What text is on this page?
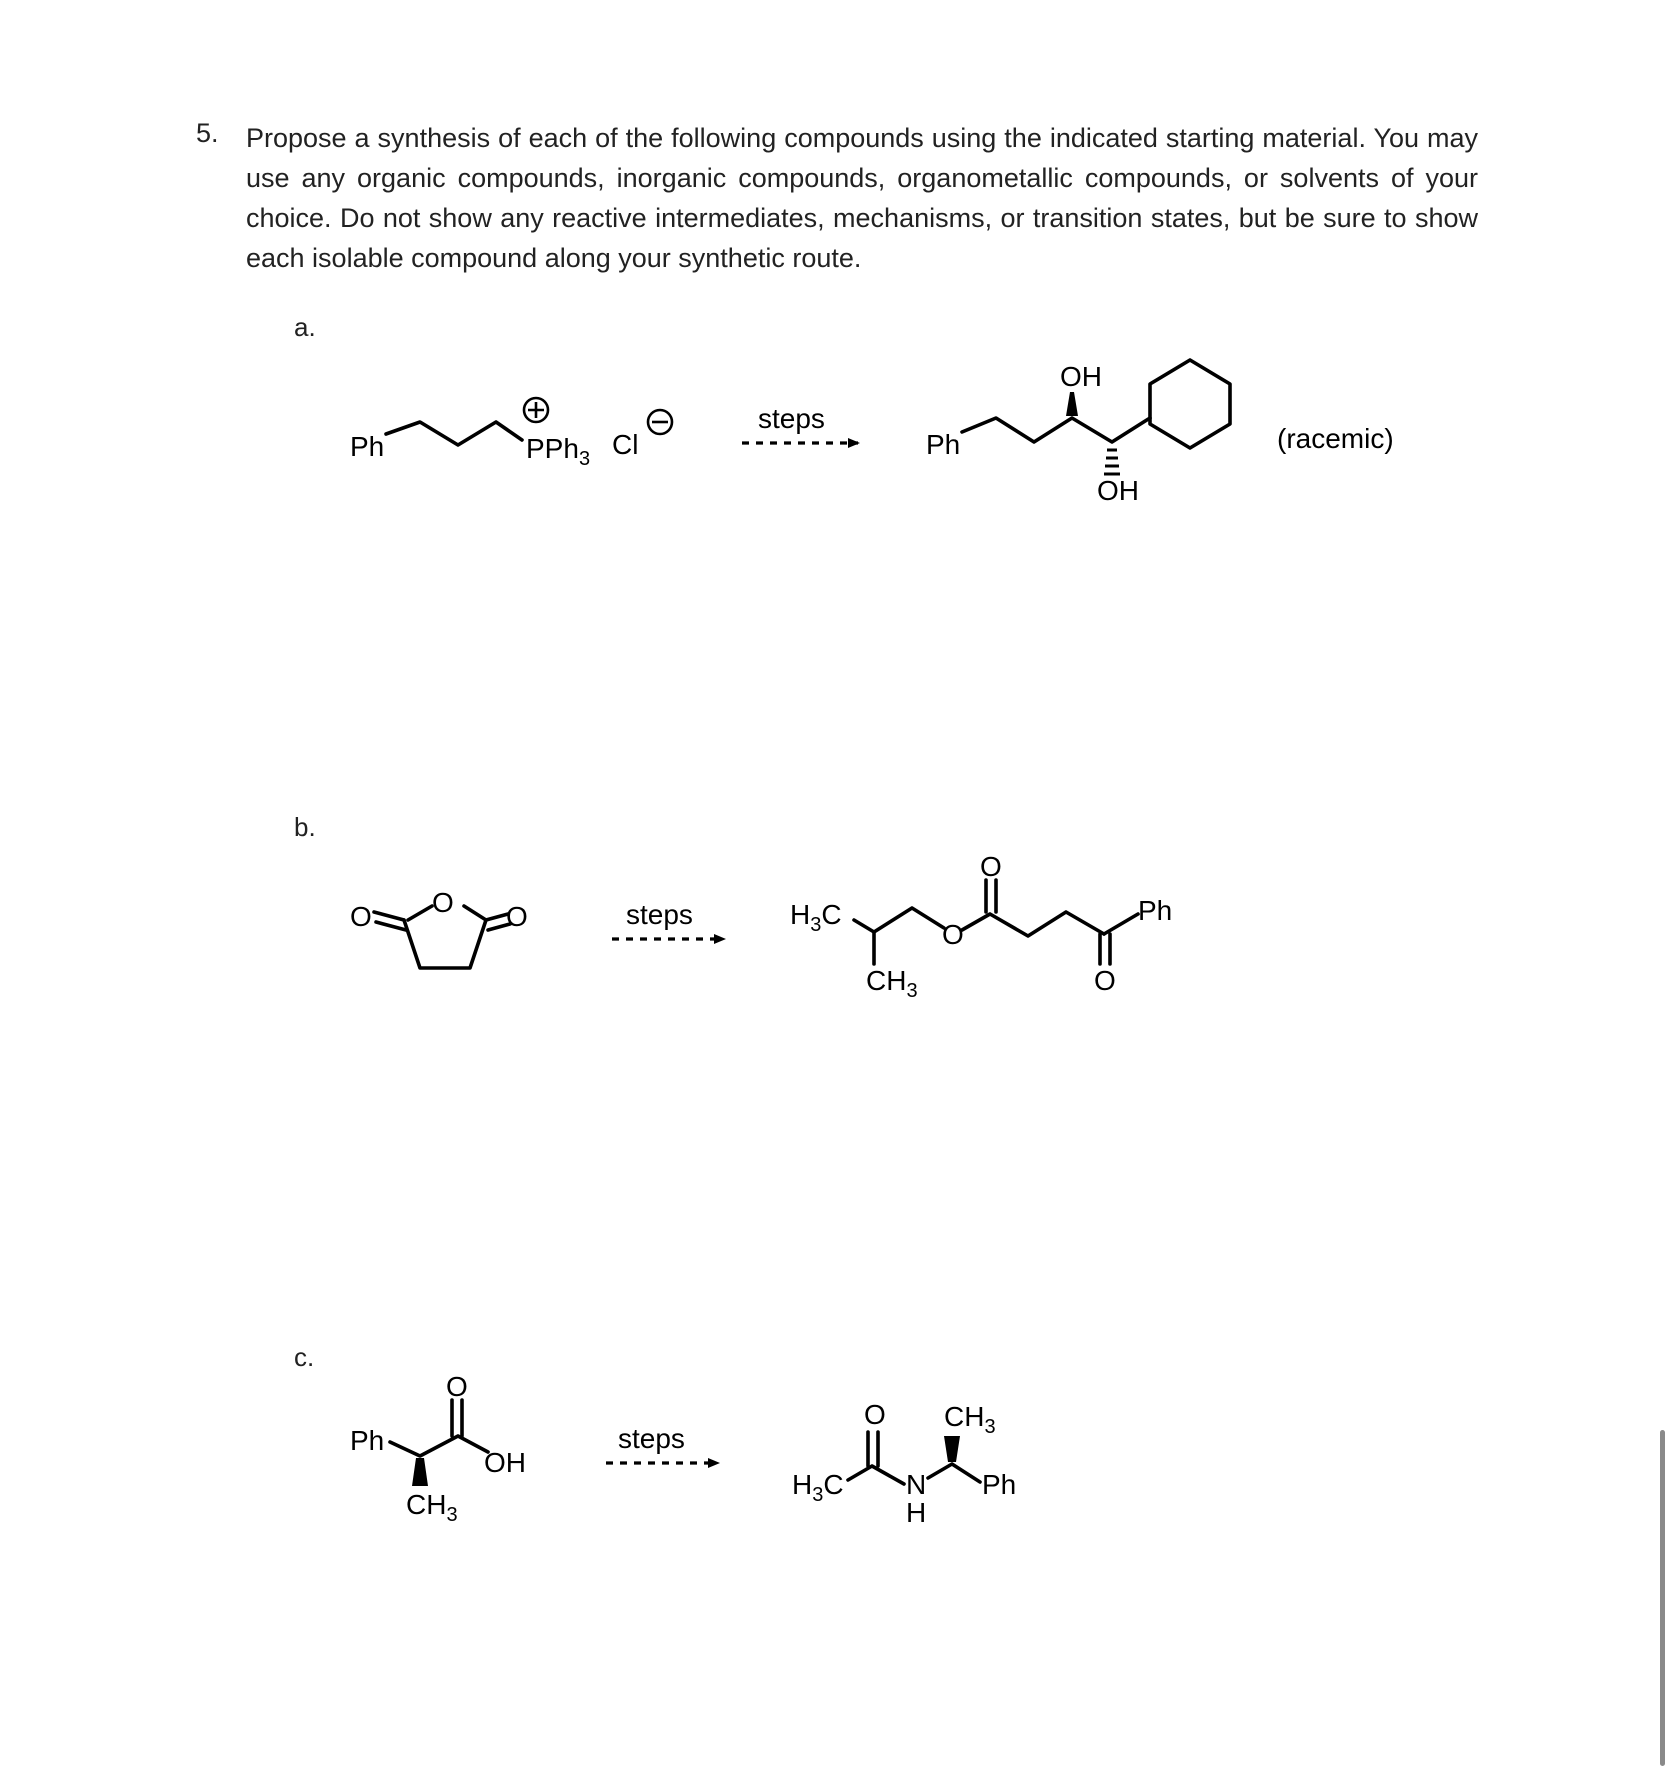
5. Propose a synthesis of each of the following compounds using the indicated starting material. You may use any organic compounds, inorganic compounds, organometallic compounds, or solvents of your choice. Do not show any reactive intermediates, mechanisms, or transition states, but be sure to show each isolable compound along your synthetic route.
a.
b.
c.
Ph	PPh$_3$ Cl
steps
Ph
OH
OH
(racemic)
O O O	steps	$H_3C$
$CH_3$
O
O
Ph
O
Ph
O
OH
$CH_3$
steps
O
$H_3C$ N
H
$CH_3$
Ph
